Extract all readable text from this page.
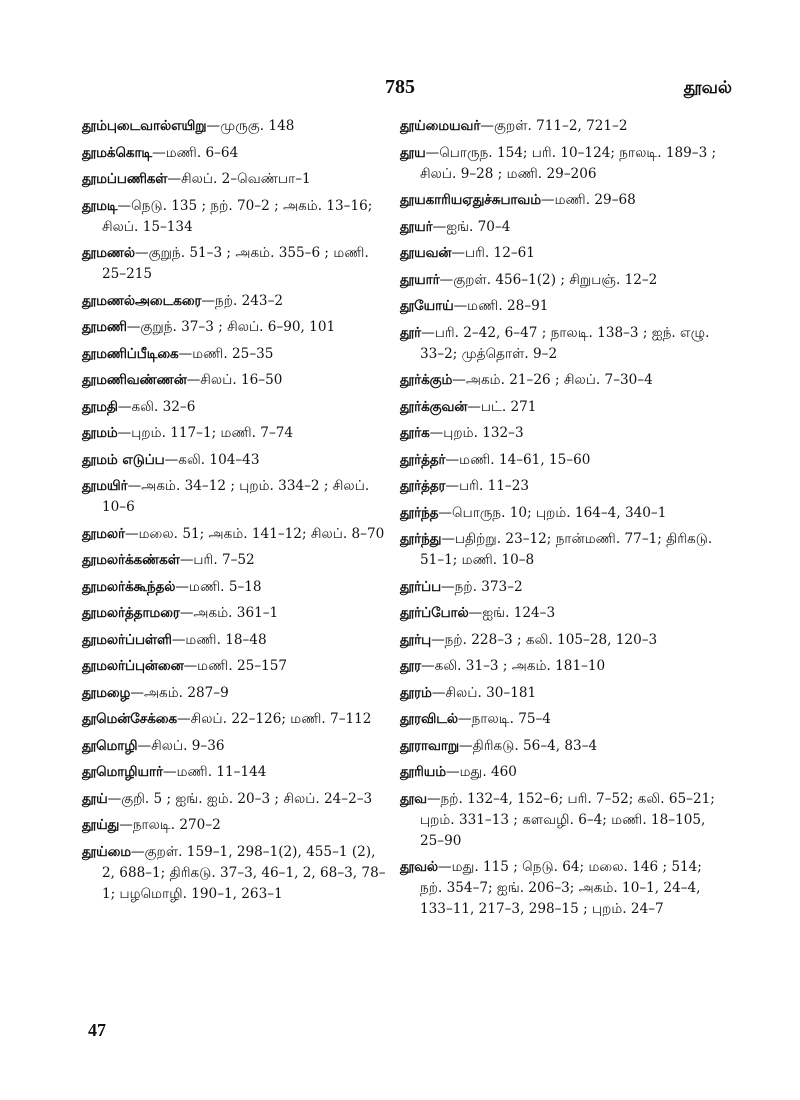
785	தூவல்
தூம்புடைவால்எயிறு—முருகு. 148
தூமக்கொடி—மணி. 6–64
தூமப்பணிகள்—சிலப். 2–வெண்பா–1
தூமடி—நெடு. 135 ; நற். 70–2 ; அகம். 13–16; சிலப். 15–134
தூமணல்—குறுந். 51–3 ; அகம். 355–6 ; மணி. 25–215
தூமணல்அடைகரை—நற். 243–2
தூமணி—குறுந். 37–3 ; சிலப். 6–90, 101
தூமணிப்பீடிகை—மணி. 25–35
தூமணிவண்ணன்—சிலப். 16–50
தூமதி—கலி. 32–6
தூமம்—புறம். 117–1; மணி. 7–74
தூமம் எடுப்ப—கலி. 104–43
தூமயிர்—அகம். 34–12 ; புறம். 334–2 ; சிலப். 10–6
தூமலர்—மலை. 51; அகம். 141–12; சிலப். 8–70
தூமலர்க்கண்கள்—பரி. 7–52
தூமலர்க்கூந்தல்—மணி. 5–18
தூமலர்த்தாமரை—அகம். 361–1
தூமலர்ப்பள்ளி—மணி. 18–48
தூமலர்ப்புன்னை—மணி. 25–157
தூமழை—அகம். 287–9
தூமென்சேக்கை—சிலப். 22–126; மணி. 7–112
தூமொழி—சிலப். 9–36
தூமொழியார்—மணி. 11–144
தூய்—குறி. 5 ; ஐங். ஐம். 20–3 ; சிலப். 24–2–3
தூய்து—நாலடி. 270–2
தூய்மை—குறள். 159–1, 298–1(2), 455–1 (2), 2, 688–1; திரிகடு. 37–3, 46–1, 2, 68–3, 78–1; பழமொழி. 190–1, 263–1
தூய்மையவர்—குறள். 711–2, 721–2
தூய—பொருந. 154; பரி. 10–124; நாலடி. 189–3 ; சிலப். 9–28 ; மணி. 29–206
தூயகாரியஏதுச்சுபாவம்—மணி. 29–68
தூயர்—ஐங். 70–4
தூயவன்—பரி. 12–61
தூயார்—குறள். 456–1(2) ; சிறுபஞ். 12–2
தூயோய்—மணி. 28–91
தூர்—பரி. 2–42, 6–47 ; நாலடி. 138–3 ; ஐந். எழு. 33–2; முத்தொள். 9–2
தூர்க்கும்—அகம். 21–26 ; சிலப். 7–30–4
தூர்க்குவன்—பட். 271
தூர்க—புறம். 132–3
தூர்த்தர்—மணி. 14–61, 15–60
தூர்த்தர—பரி. 11–23
தூர்ந்த—பொருந. 10; புறம். 164–4, 340–1
தூர்ந்து—பதிற்று. 23–12; நான்மணி. 77–1; திரிகடு. 51–1; மணி. 10–8
தூர்ப்ப—நற். 373–2
தூர்ப்போல்—ஐங். 124–3
தூர்பு—நற். 228–3 ; கலி. 105–28, 120–3
தூர—கலி. 31–3 ; அகம். 181–10
தூரம்—சிலப். 30–181
தூரவிடல்—நாலடி. 75–4
தூராவாறு—திரிகடு. 56–4, 83–4
தூரியம்—மது. 460
தூவ—நற். 132–4, 152–6; பரி. 7–52; கலி. 65–21; புறம். 331–13 ; களவழி. 6–4; மணி. 18–105, 25–90
தூவல்—மது. 115 ; நெடு. 64; மலை. 146 ; 514; நற். 354–7; ஐங். 206–3; அகம். 10–1, 24–4, 133–11, 217–3, 298–15 ; புறம். 24–7
47
